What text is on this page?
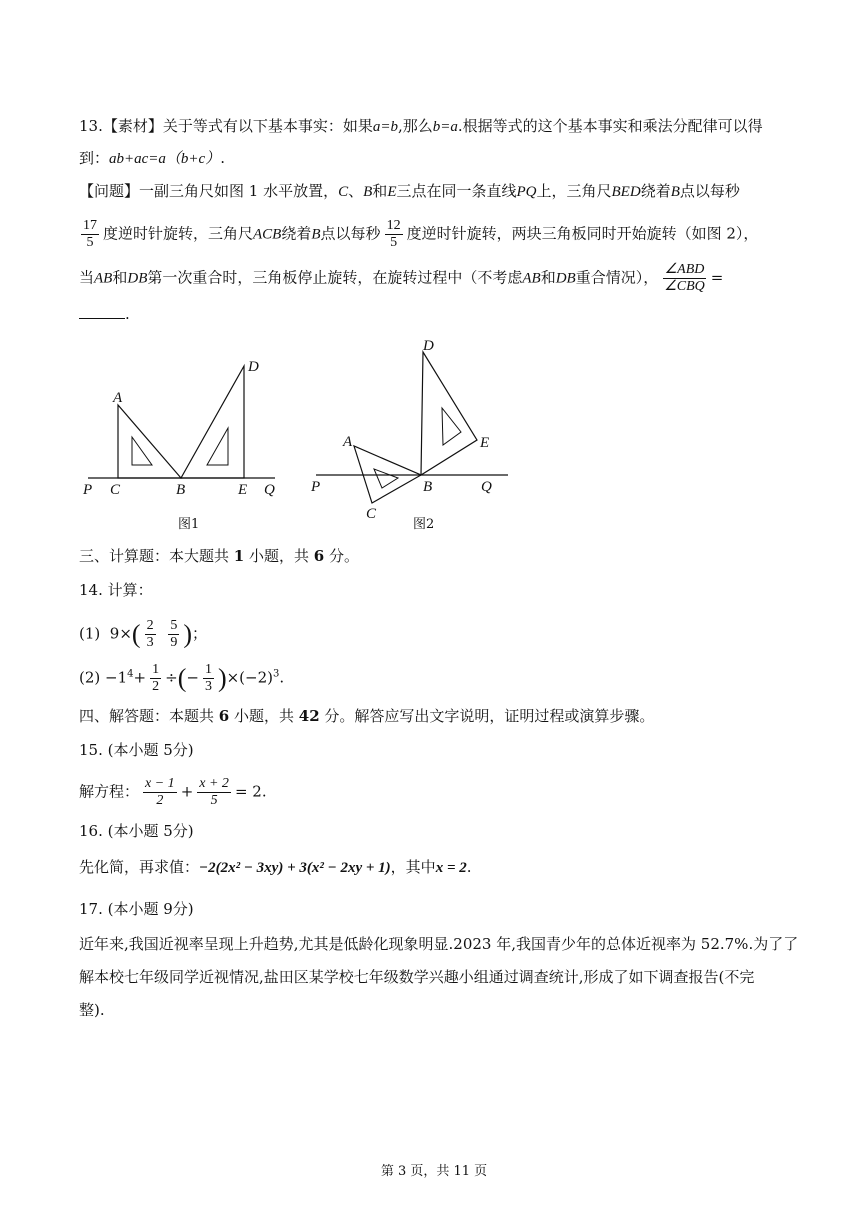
13.【素材】关于等式有以下基本事实：如果a=b,那么b=a.根据等式的这个基本事实和乘法分配律可以得
到：ab+ac=a（b+c）.
【问题】一副三角尺如图 1 水平放置，C、B和E三点在同一条直线PQ上，三角尺BED绕着B点以每秒
$\frac{17}{5}$ 度逆时针旋转，三角尺ACB绕着B点以每秒 $\frac{12}{5}$ 度逆时针旋转，两块三角板同时开始旋转（如图 2），
当AB和DB第一次重合时，三角板停止旋转，在旋转过程中（不考虑AB和DB重合情况）， $\frac{\text{∠ABD}}{\text{∠CBQ}}$ =
.
A
D
P C	B	E Q
图1
D
A	E
P	B	Q
C
图2
三、计算题：本大题共 1 小题，共 6 分。
14. 计算：
(1) $9\times( \frac{2}{3}$
$\frac{5}{9}$ )；
$(2) -1^4+ \frac{1}{2}$ ÷(− $\frac{1}{3} )\times(-2)^3$.
四、解答题：本题共 6 小题，共 42 分。解答应写出文字说明，证明过程或演算步骤。
15. (本小题 5分)
解方程： $\frac{x - 1}{2} + \frac{x + 2}{5} = 2$.
16. (本小题 5分)
先化简，再求值：−2(2x² − 3xy) + 3(x² − 2xy + 1)，其中x = 2.
17. (本小题 9分)
近年来,我国近视率呈现上升趋势,尤其是低龄化现象明显.2023 年,我国青少年的总体近视率为 52.7%.为了了
解本校七年级同学近视情况,盐田区某学校七年级数学兴趣小组通过调查统计,形成了如下调查报告(不完
整).
第 3 页，共 11 页
